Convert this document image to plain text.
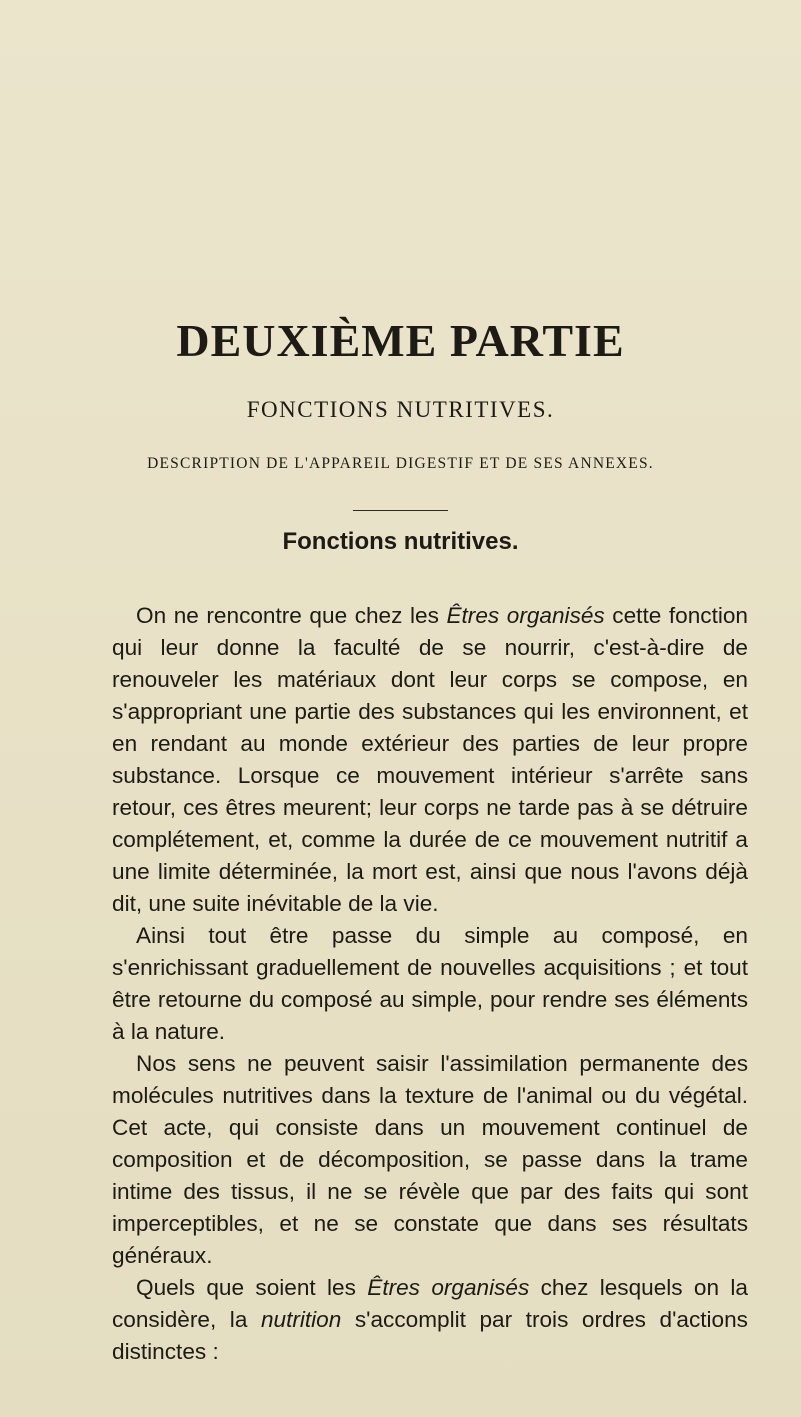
DEUXIÈME PARTIE
FONCTIONS NUTRITIVES.
DESCRIPTION DE L'APPAREIL DIGESTIF ET DE SES ANNEXES.
Fonctions nutritives.

On ne rencontre que chez les Êtres organisés cette fonction qui leur donne la faculté de se nourrir, c'est-à-dire de renouveler les matériaux dont leur corps se compose, en s'appropriant une partie des substances qui les environnent, et en rendant au monde extérieur des parties de leur propre substance. Lorsque ce mouvement intérieur s'arrête sans retour, ces êtres meurent; leur corps ne tarde pas à se détruire complétement, et, comme la durée de ce mouvement nutritif a une limite déterminée, la mort est, ainsi que nous l'avons déjà dit, une suite inévitable de la vie.

Ainsi tout être passe du simple au composé, en s'enrichissant graduellement de nouvelles acquisitions ; et tout être retourne du composé au simple, pour rendre ses éléments à la nature.

Nos sens ne peuvent saisir l'assimilation permanente des molécules nutritives dans la texture de l'animal ou du végétal. Cet acte, qui consiste dans un mouvement continuel de composition et de décomposition, se passe dans la trame intime des tissus, il ne se révèle que par des faits qui sont imperceptibles, et ne se constate que dans ses résultats généraux.

Quels que soient les Êtres organisés chez lesquels on la considère, la nutrition s'accomplit par trois ordres d'actions distinctes :
